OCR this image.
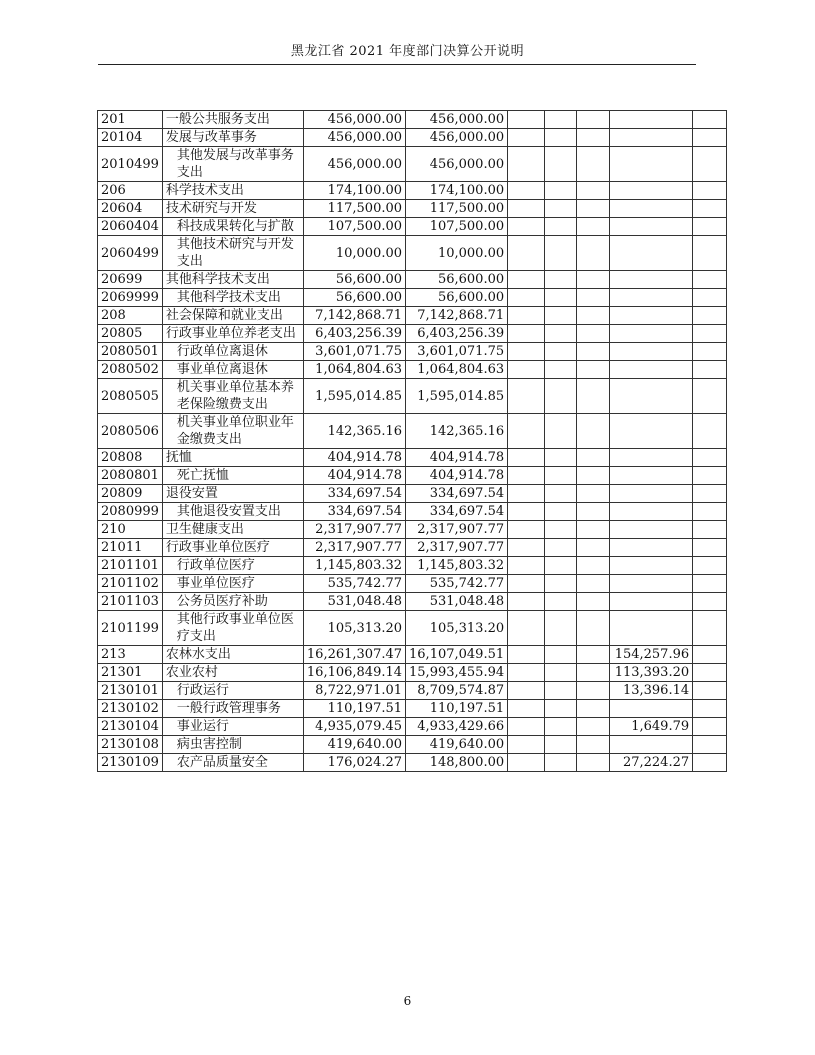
黑龙江省 2021 年度部门决算公开说明
201	一般公共服务支出	456,000.00	456,000.00					
20104	发展与改革事务	456,000.00	456,000.00					
2010499	其他发展与改革事务支出	456,000.00	456,000.00					
206	科学技术支出	174,100.00	174,100.00					
20604	技术研究与开发	117,500.00	117,500.00					
2060404	科技成果转化与扩散	107,500.00	107,500.00					
2060499	其他技术研究与开发支出	10,000.00	10,000.00					
20699	其他科学技术支出	56,600.00	56,600.00					
2069999	其他科学技术支出	56,600.00	56,600.00					
208	社会保障和就业支出	7,142,868.71	7,142,868.71					
20805	行政事业单位养老支出	6,403,256.39	6,403,256.39					
2080501	行政单位离退休	3,601,071.75	3,601,071.75					
2080502	事业单位离退休	1,064,804.63	1,064,804.63					
2080505	机关事业单位基本养老保险缴费支出	1,595,014.85	1,595,014.85					
2080506	机关事业单位职业年金缴费支出	142,365.16	142,365.16					
20808	抚恤	404,914.78	404,914.78					
2080801	死亡抚恤	404,914.78	404,914.78					
20809	退役安置	334,697.54	334,697.54					
2080999	其他退役安置支出	334,697.54	334,697.54					
210	卫生健康支出	2,317,907.77	2,317,907.77					
21011	行政事业单位医疗	2,317,907.77	2,317,907.77					
2101101	行政单位医疗	1,145,803.32	1,145,803.32					
2101102	事业单位医疗	535,742.77	535,742.77					
2101103	公务员医疗补助	531,048.48	531,048.48					
2101199	其他行政事业单位医疗支出	105,313.20	105,313.20					
213	农林水支出	16,261,307.47	16,107,049.51				154,257.96	
21301	农业农村	16,106,849.14	15,993,455.94				113,393.20	
2130101	行政运行	8,722,971.01	8,709,574.87				13,396.14	
2130102	一般行政管理事务	110,197.51	110,197.51					
2130104	事业运行	4,935,079.45	4,933,429.66				1,649.79	
2130108	病虫害控制	419,640.00	419,640.00					
2130109	农产品质量安全	176,024.27	148,800.00				27,224.27	
6
